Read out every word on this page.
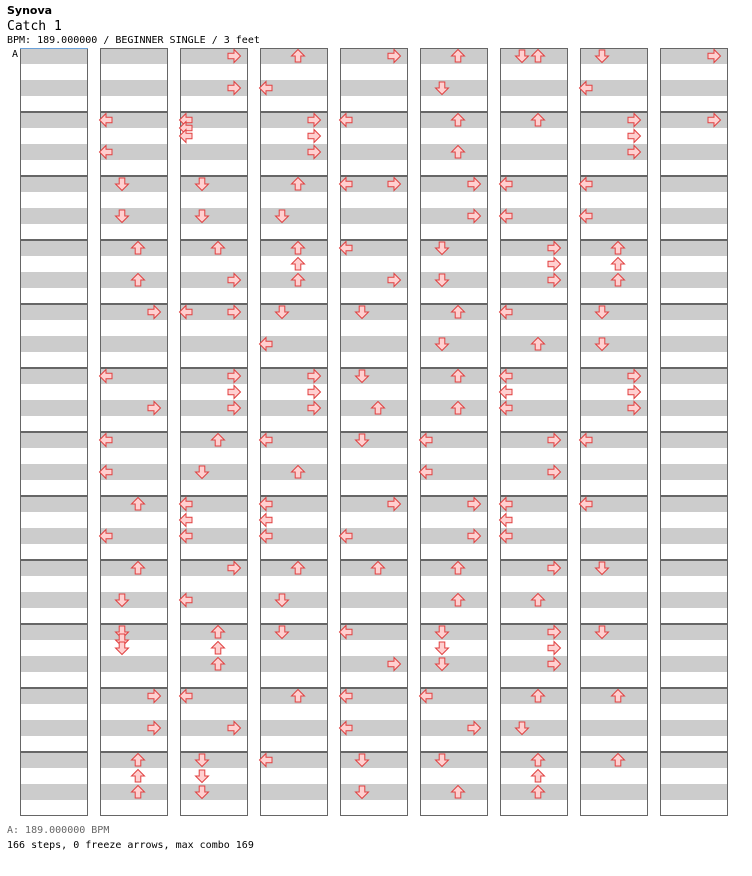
Synova
Catch 1
BPM: 189.000000 / BEGINNER SINGLE / 3 feet
A
A: 189.000000 BPM
166 steps, 0 freeze arrows, max combo 169
